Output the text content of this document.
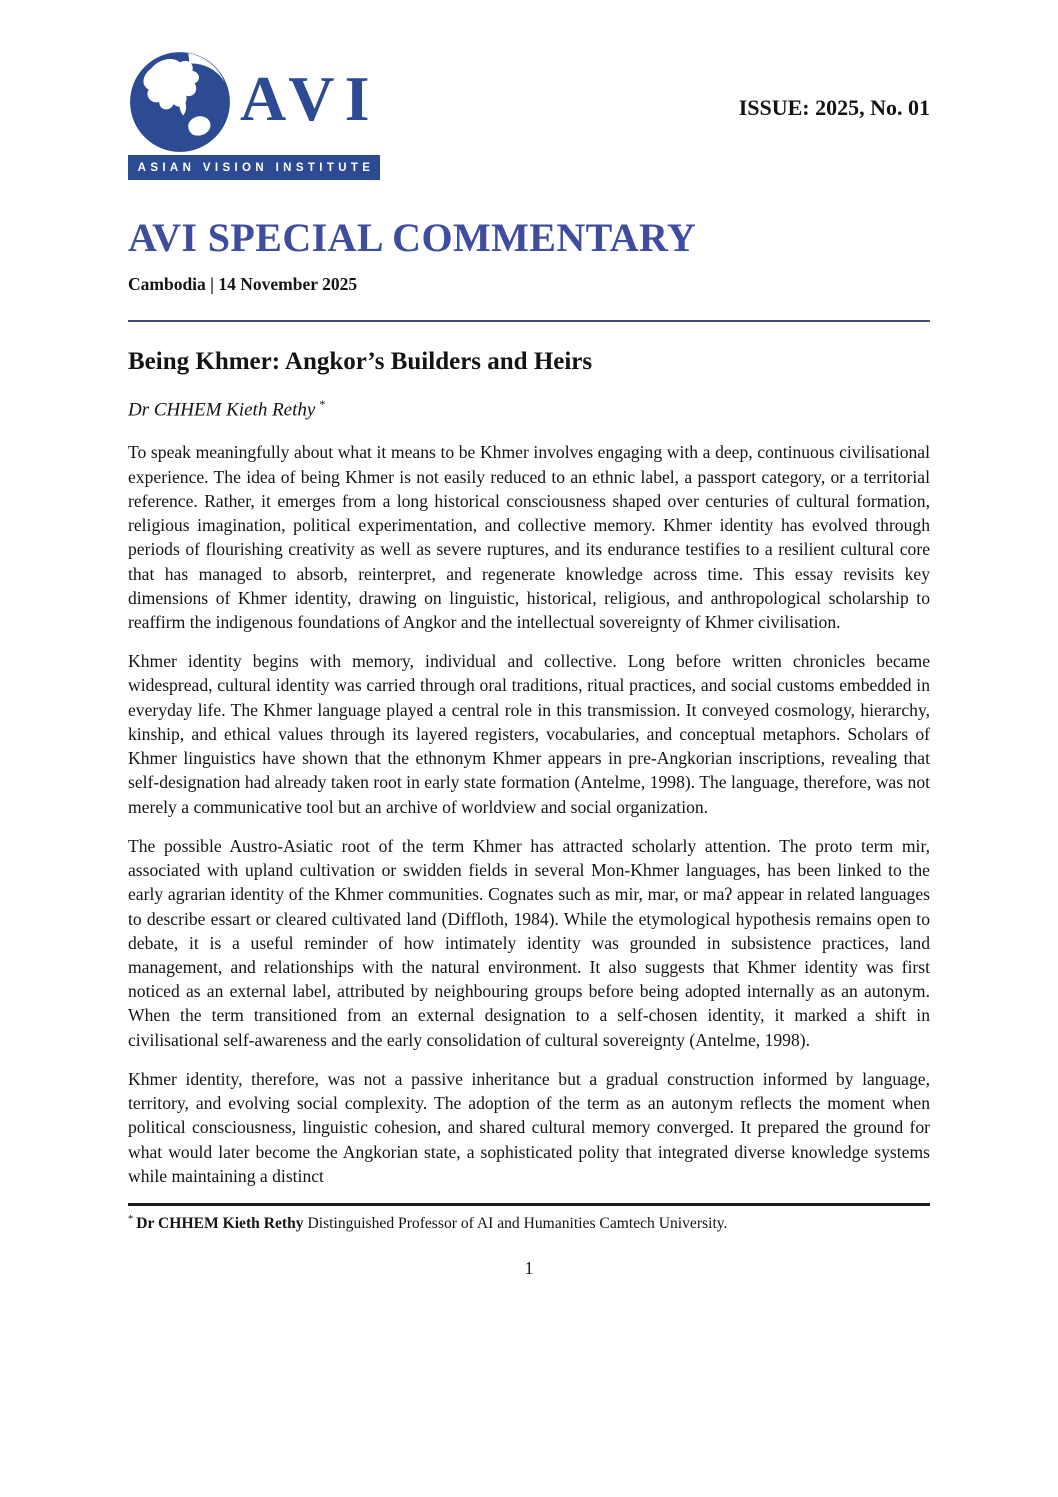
AVI
ASIAN VISION INSTITUTE
ISSUE: 2025, No. 01
AVI SPECIAL COMMENTARY
Cambodia | 14 November 2025
Being Khmer: Angkor’s Builders and Heirs
Dr CHHEM Kieth Rethy *

To speak meaningfully about what it means to be Khmer involves engaging with a deep, continuous civilisational experience. The idea of being Khmer is not easily reduced to an ethnic label, a passport category, or a territorial reference. Rather, it emerges from a long historical consciousness shaped over centuries of cultural formation, religious imagination, political experimentation, and collective memory. Khmer identity has evolved through periods of flourishing creativity as well as severe ruptures, and its endurance testifies to a resilient cultural core that has managed to absorb, reinterpret, and regenerate knowledge across time. This essay revisits key dimensions of Khmer identity, drawing on linguistic, historical, religious, and anthropological scholarship to reaffirm the indigenous foundations of Angkor and the intellectual sovereignty of Khmer civilisation.

Khmer identity begins with memory, individual and collective. Long before written chronicles became widespread, cultural identity was carried through oral traditions, ritual practices, and social customs embedded in everyday life. The Khmer language played a central role in this transmission. It conveyed cosmology, hierarchy, kinship, and ethical values through its layered registers, vocabularies, and conceptual metaphors. Scholars of Khmer linguistics have shown that the ethnonym Khmer appears in pre-Angkorian inscriptions, revealing that self-designation had already taken root in early state formation (Antelme, 1998). The language, therefore, was not merely a communicative tool but an archive of worldview and social organization.

The possible Austro-Asiatic root of the term Khmer has attracted scholarly attention. The proto term mir, associated with upland cultivation or swidden fields in several Mon-Khmer languages, has been linked to the early agrarian identity of the Khmer communities. Cognates such as mir, mar, or maʔ appear in related languages to describe essart or cleared cultivated land (Diffloth, 1984). While the etymological hypothesis remains open to debate, it is a useful reminder of how intimately identity was grounded in subsistence practices, land management, and relationships with the natural environment. It also suggests that Khmer identity was first noticed as an external label, attributed by neighbouring groups before being adopted internally as an autonym. When the term transitioned from an external designation to a self-chosen identity, it marked a shift in civilisational self-awareness and the early consolidation of cultural sovereignty (Antelme, 1998).

Khmer identity, therefore, was not a passive inheritance but a gradual construction informed by language, territory, and evolving social complexity. The adoption of the term as an autonym reflects the moment when political consciousness, linguistic cohesion, and shared cultural memory converged. It prepared the ground for what would later become the Angkorian state, a sophisticated polity that integrated diverse knowledge systems while maintaining a distinct

* Dr CHHEM Kieth Rethy Distinguished Professor of AI and Humanities Camtech University.
1
